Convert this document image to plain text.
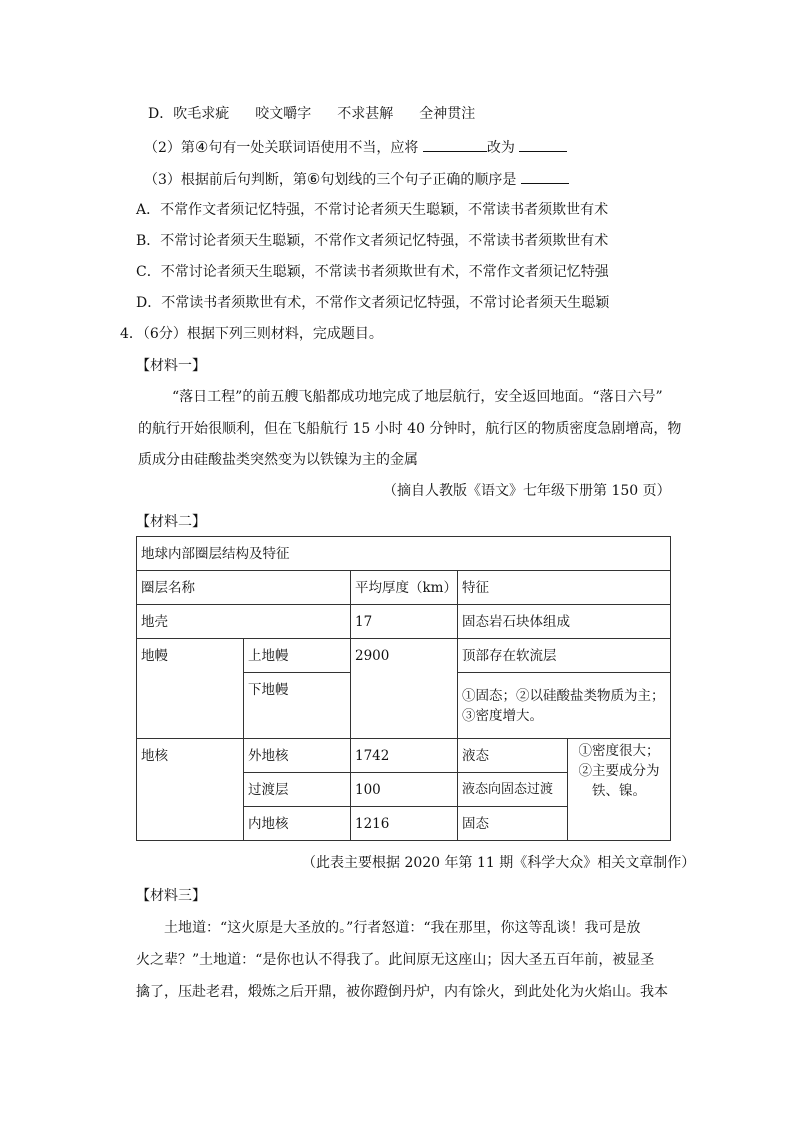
D．吹毛求疵 咬文嚼字 不求甚解 全神贯注
（2）第④句有一处关联词语使用不当，应将	改为
（3）根据前后句判断，第⑥句划线的三个句子正确的顺序是
A．不常作文者须记忆特强，不常讨论者须天生聪颖，不常读书者须欺世有术
B．不常讨论者须天生聪颖，不常作文者须记忆特强，不常读书者须欺世有术
C．不常讨论者须天生聪颖，不常读书者须欺世有术，不常作文者须记忆特强
D．不常读书者须欺世有术，不常作文者须记忆特强，不常讨论者须天生聪颖
4．（6分）根据下列三则材料，完成题目。
【材料一】
“落日工程”的前五艘飞船都成功地完成了地层航行，安全返回地面。“落日六号”
的航行开始很顺利，但在飞船航行 15 小时 40 分钟时，航行区的物质密度急剧增高，物
质成分由硅酸盐类突然变为以铁镍为主的金属
（摘自人教版《语文》七年级下册第 150 页）
【材料二】
地球内部圈层结构及特征				
圈层名称		平均厚度（km）	特征	
地壳		17	固态岩石块体组成	
地幔	上地幔	2900	顶部存在软流层	
	下地幔		①固态；②以硅酸盐类物质为主；③密度增大。	
地核	外地核	1742	液态	①密度很大；②主要成分为铁、镍。
	过渡层	100	液态向固态过渡	
	内地核	1216	固态	
（此表主要根据 2020 年第 11 期《科学大众》相关文章制作）
【材料三】
土地道：“这火原是大圣放的。”行者怒道：“我在那里，你这等乱谈！我可是放
火之辈？”土地道：“是你也认不得我了。此间原无这座山；因大圣五百年前，被显圣
擒了，压赴老君，煅炼之后开鼎，被你蹬倒丹炉，内有馀火，到此处化为火焰山。我本
